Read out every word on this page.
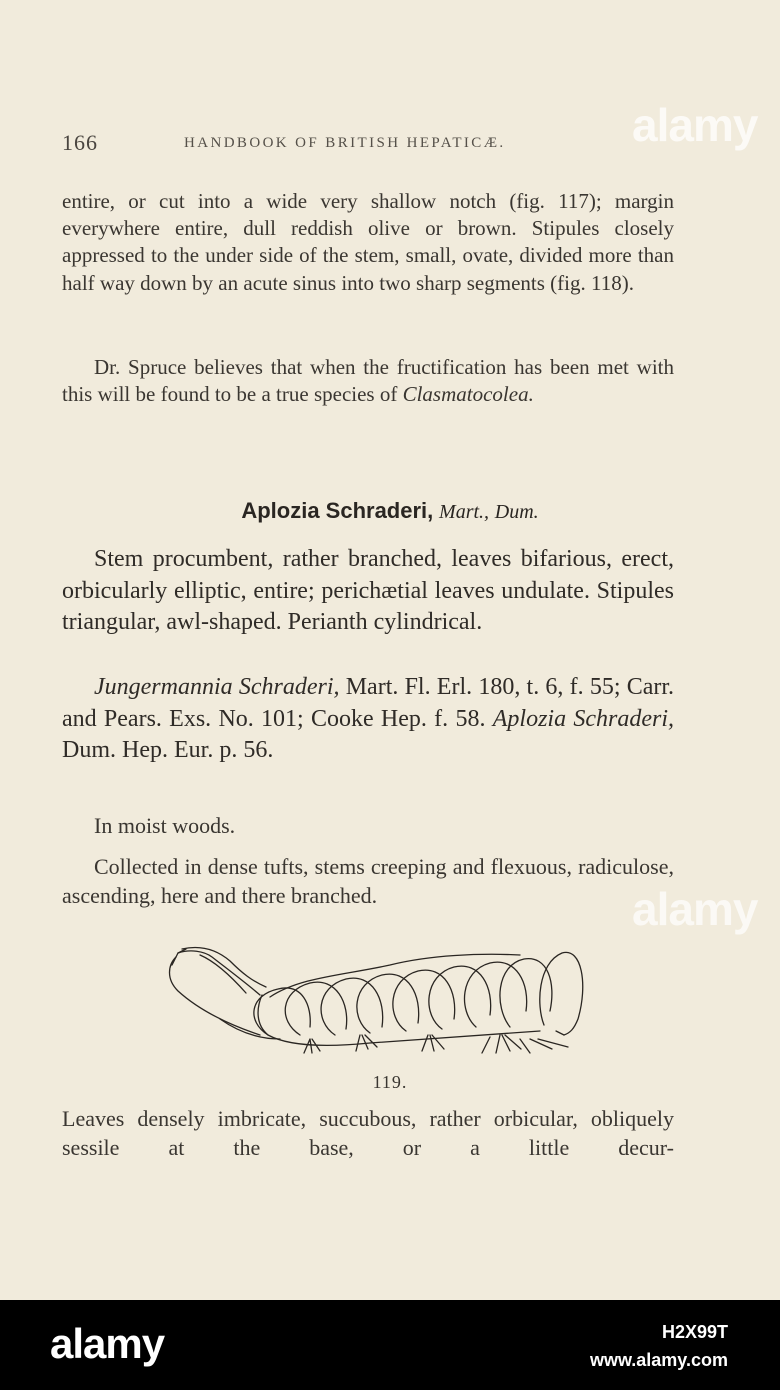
alamy
166	HANDBOOK OF BRITISH HEPATICÆ.

entire, or cut into a wide very shallow notch (fig. 117); margin everywhere entire, dull reddish olive or brown. Stipules closely appressed to the under side of the stem, small, ovate, divided more than half way down by an acute sinus into two sharp segments (fig. 118).

Dr. Spruce believes that when the fructification has been met with this will be found to be a true species of Clasmatocolea.

Aplozia Schraderi, Mart., Dum.

Stem procumbent, rather branched, leaves bifarious, erect, orbicularly elliptic, entire; perichætial leaves undulate. Stipules triangular, awl-shaped. Perianth cylindrical.

Jungermannia Schraderi, Mart. Fl. Erl. 180, t. 6, f. 55; Carr. and Pears. Exs. No. 101; Cooke Hep. f. 58. Aplozia Schraderi, Dum. Hep. Eur. p. 56.

In moist woods.

Collected in dense tufts, stems creeping and flexuous, radiculose, ascending, here and there branched.	alamy
119.

Leaves densely imbricate, succubous, rather orbicular, obliquely sessile at the base, or a little decur-

alamy	H2X99T
www.alamy.com
